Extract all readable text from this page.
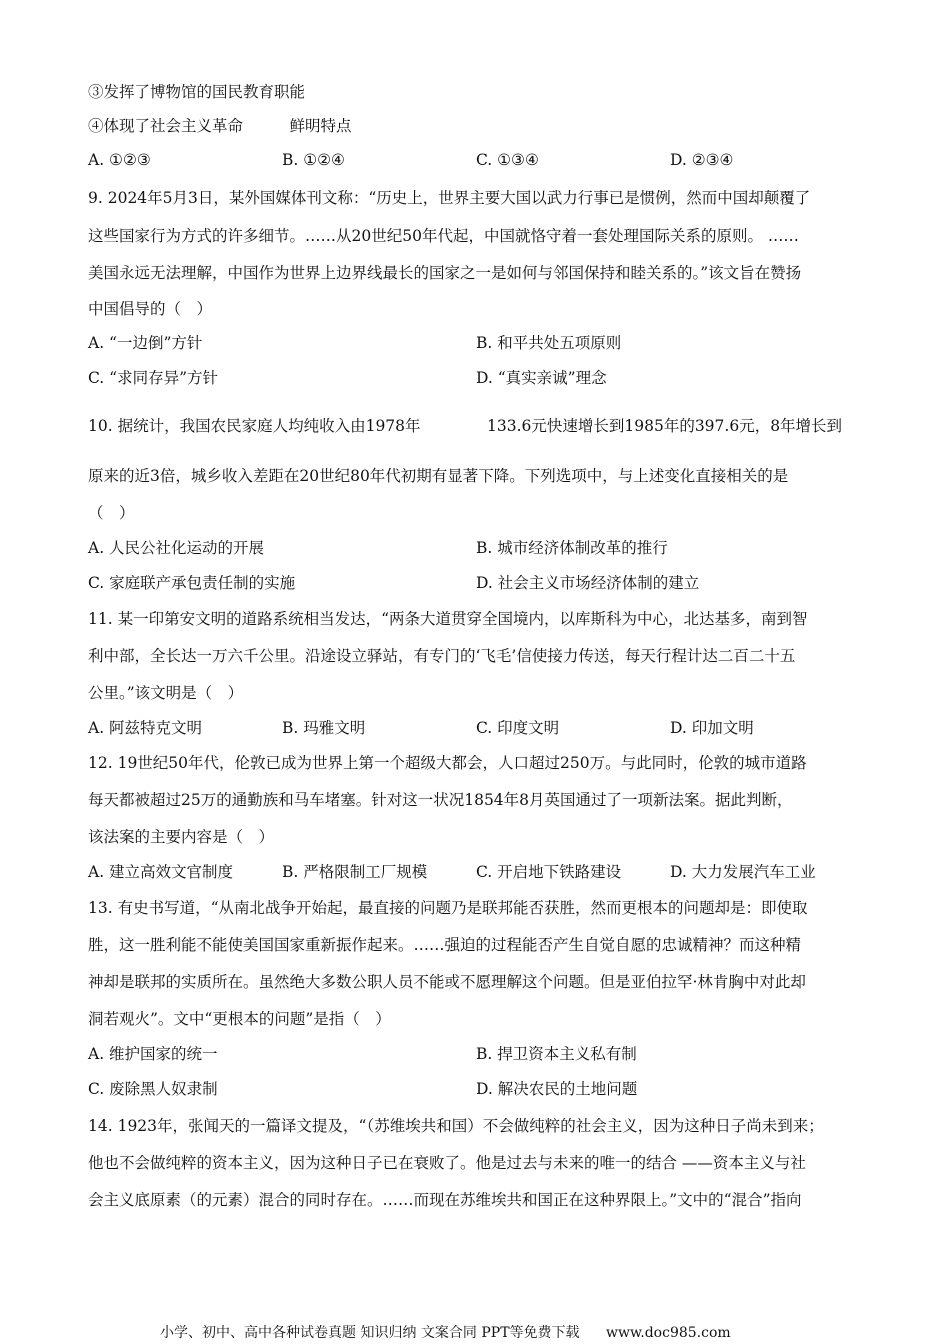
③发挥了博物馆的国民教育职能
④体现了社会主义革命　　　鲜明特点
A. ①②③	B. ①②④	C. ①③④	D. ②③④
9. 2024年5月3日，某外国媒体刊文称：“历史上，世界主要大国以武力行事已是惯例，然而中国却颠覆了
这些国家行为方式的许多细节。……从20世纪50年代起，中国就恪守着一套处理国际关系的原则。 ……
美国永远无法理解，中国作为世界上边界线最长的国家之一是如何与邻国保持和睦关系的。”该文旨在赞扬
中国倡导的（　）
A. “一边倒”方针	B. 和平共处五项原则
C. “求同存异”方针	D. “真实亲诚”理念
10. 据统计，我国农民家庭人均纯收入由1978年	133.6元快速增长到1985年的397.6元，8年增长到
原来的近3倍，城乡收入差距在20世纪80年代初期有显著下降。下列选项中，与上述变化直接相关的是
（　）
A. 人民公社化运动的开展	B. 城市经济体制改革的推行
C. 家庭联产承包责任制的实施	D. 社会主义市场经济体制的建立
11. 某一印第安文明的道路系统相当发达，“两条大道贯穿全国境内，以库斯科为中心，北达基多，南到智
利中部，全长达一万六千公里。沿途设立驿站，有专门的‘飞毛’信使接力传送，每天行程计达二百二十五
公里。”该文明是（　）
A. 阿兹特克文明	B. 玛雅文明	C. 印度文明	D. 印加文明
12. 19世纪50年代，伦敦已成为世界上第一个超级大都会，人口超过250万。与此同时，伦敦的城市道路
每天都被超过25万的通勤族和马车堵塞。针对这一状况1854年8月英国通过了一项新法案。据此判断，
该法案的主要内容是（　）
A. 建立高效文官制度	B. 严格限制工厂规模	C. 开启地下铁路建设	D. 大力发展汽车工业
13. 有史书写道，“从南北战争开始起，最直接的问题乃是联邦能否获胜，然而更根本的问题却是：即使取
胜，这一胜利能不能使美国国家重新振作起来。……强迫的过程能否产生自觉自愿的忠诚精神？而这种精
神却是联邦的实质所在。虽然绝大多数公职人员不能或不愿理解这个问题。但是亚伯拉罕·林肯胸中对此却
洞若观火”。文中“更根本的问题”是指（　）
A. 维护国家的统一	B. 捍卫资本主义私有制
C. 废除黑人奴隶制	D. 解决农民的土地问题
14. 1923年，张闻天的一篇译文提及，“（苏维埃共和国）不会做纯粹的社会主义，因为这种日子尚未到来；
他也不会做纯粹的资本主义，因为这种日子已在衰败了。他是过去与未来的唯一的结合 ——资本主义与社
会主义底原素（的元素）混合的同时存在。……而现在苏维埃共和国正在这种界限上。”文中的“混合”指向
小学、初中、高中各种试卷真题 知识归纳 文案合同 PPT等免费下载 www.doc985.com
